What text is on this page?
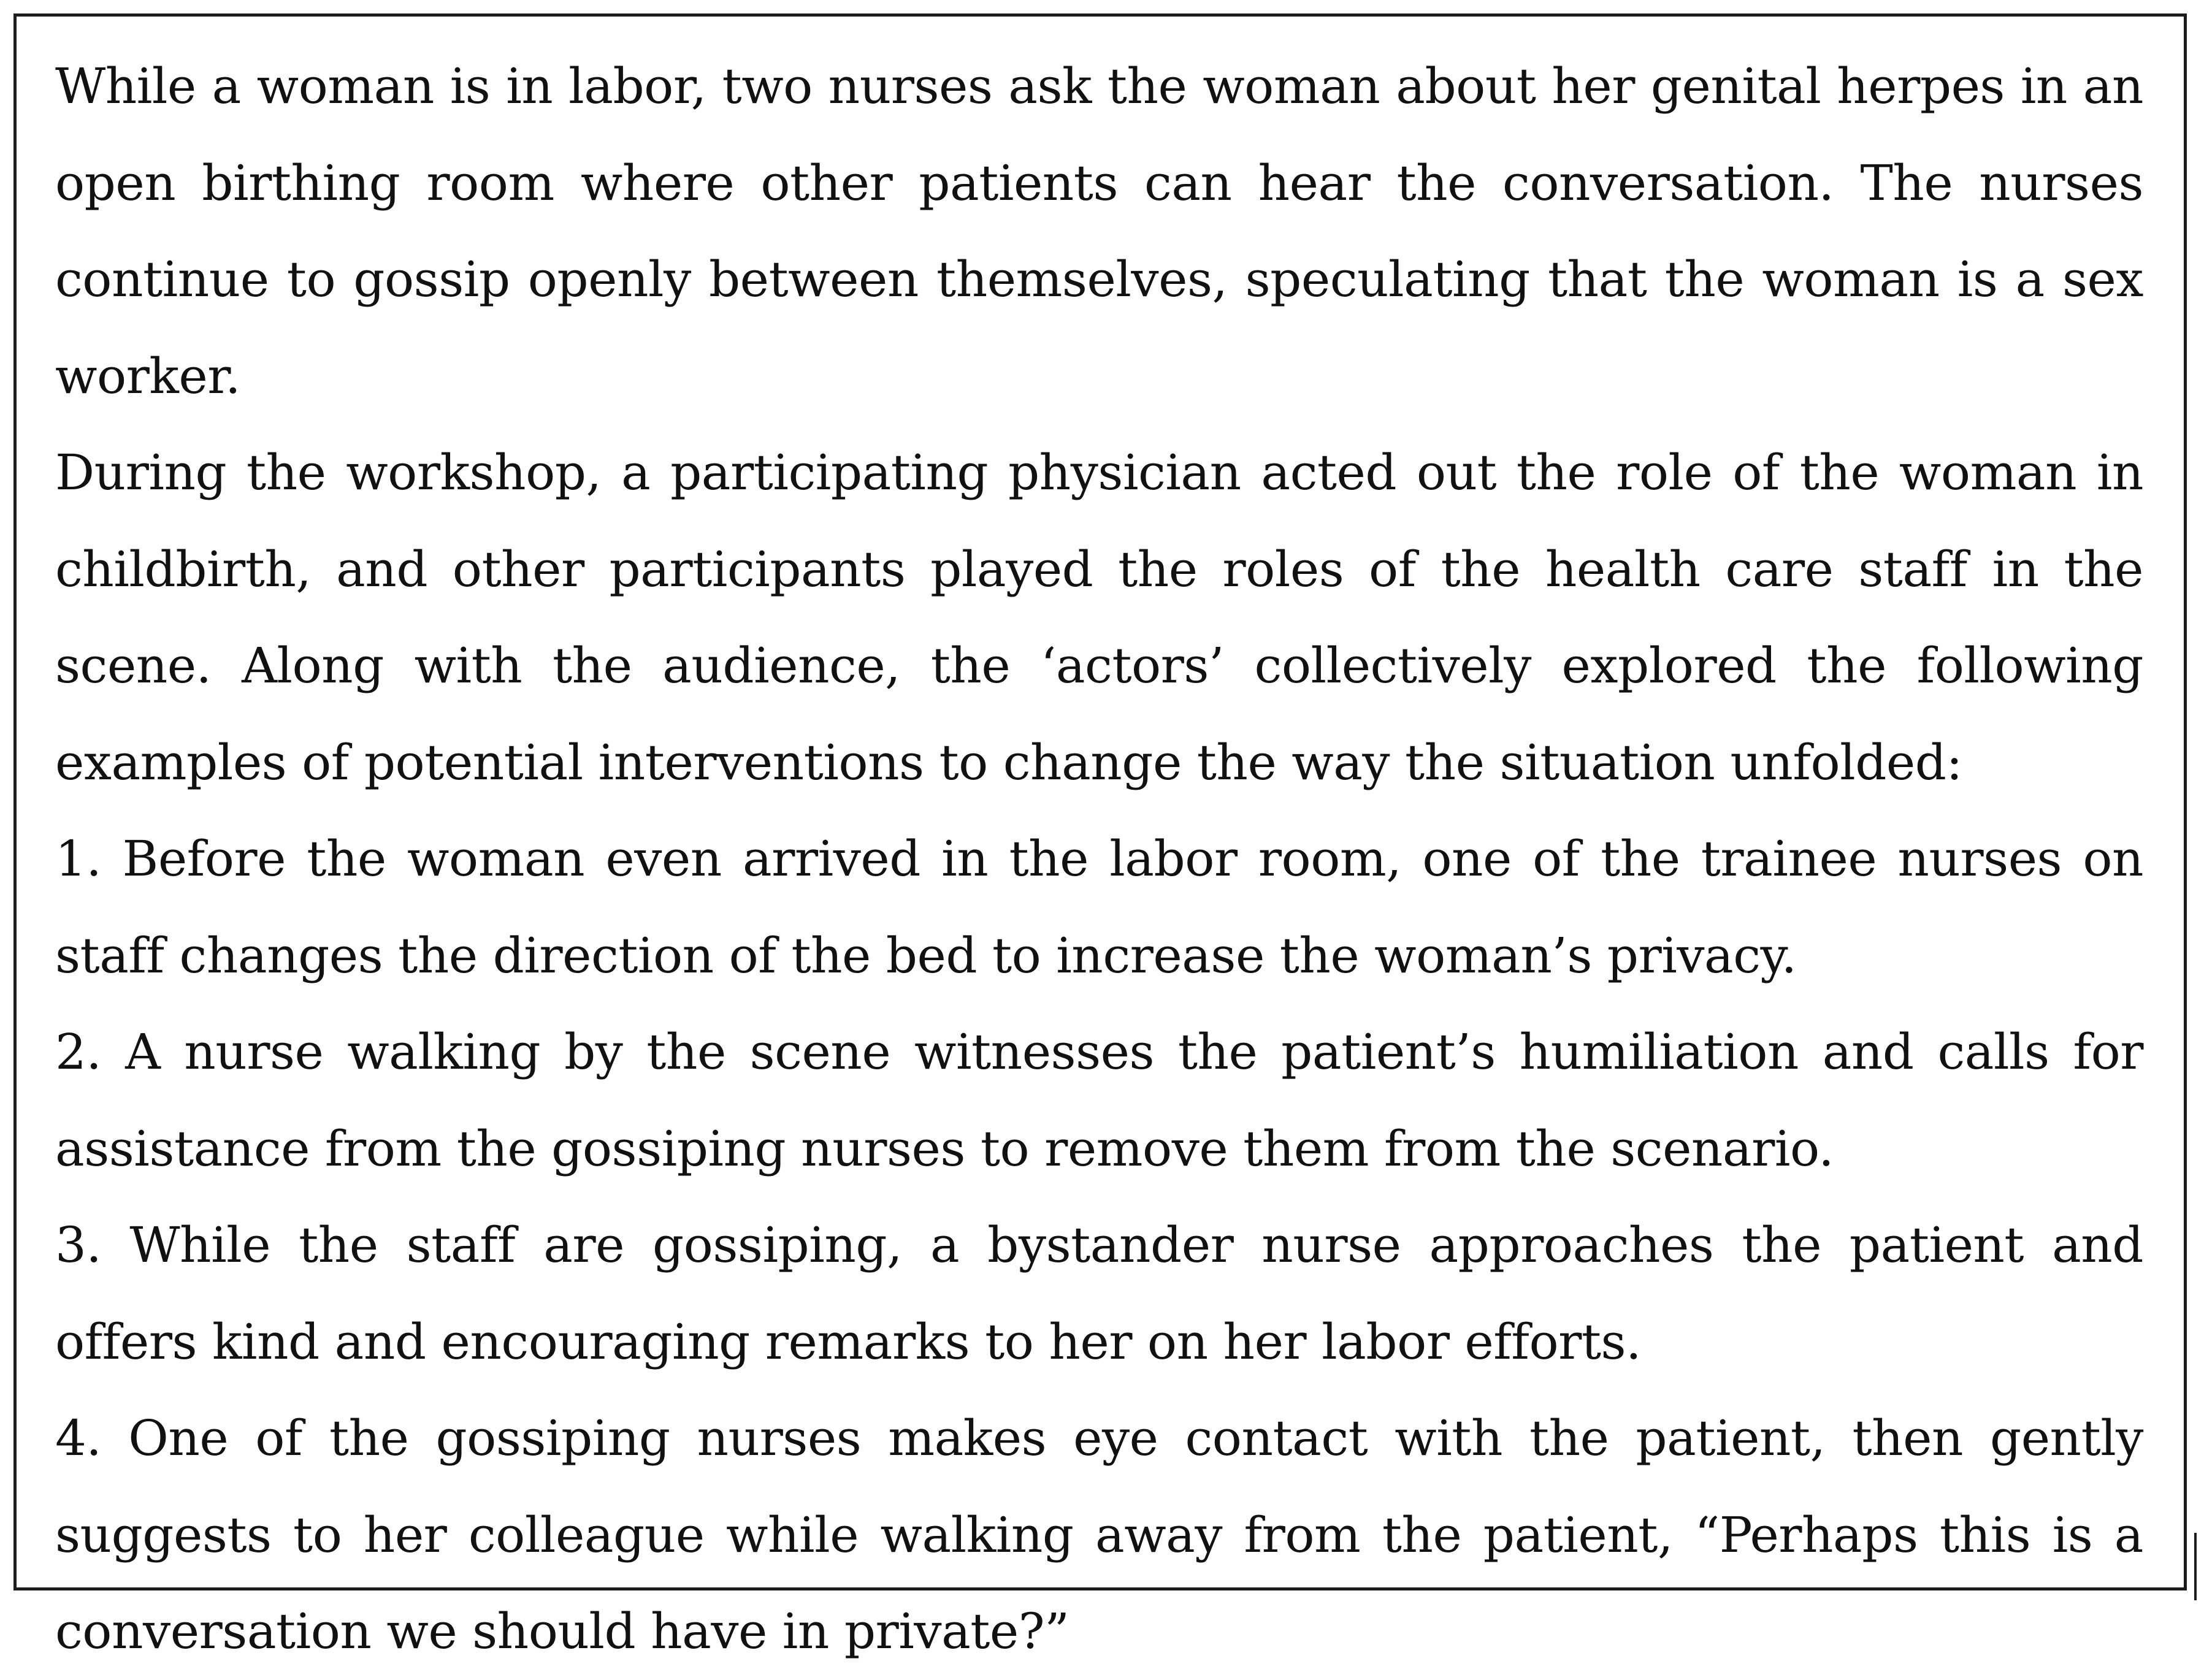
While a woman is in labor, two nurses ask the woman about her genital herpes in an open birthing room where other patients can hear the conversation. The nurses continue to gossip openly between themselves, speculating that the woman is a sex worker.

During the workshop, a participating physician acted out the role of the woman in childbirth, and other participants played the roles of the health care staff in the scene. Along with the audience, the ‘actors’ collectively explored the following examples of potential interventions to change the way the situation unfolded:

1. Before the woman even arrived in the labor room, one of the trainee nurses on staff changes the direction of the bed to increase the woman’s privacy.

2. A nurse walking by the scene witnesses the patient’s humiliation and calls for assistance from the gossiping nurses to remove them from the scenario.

3. While the staff are gossiping, a bystander nurse approaches the patient and offers kind and encouraging remarks to her on her labor efforts.

4. One of the gossiping nurses makes eye contact with the patient, then gently suggests to her colleague while walking away from the patient, “Perhaps this is a conversation we should have in private?”
